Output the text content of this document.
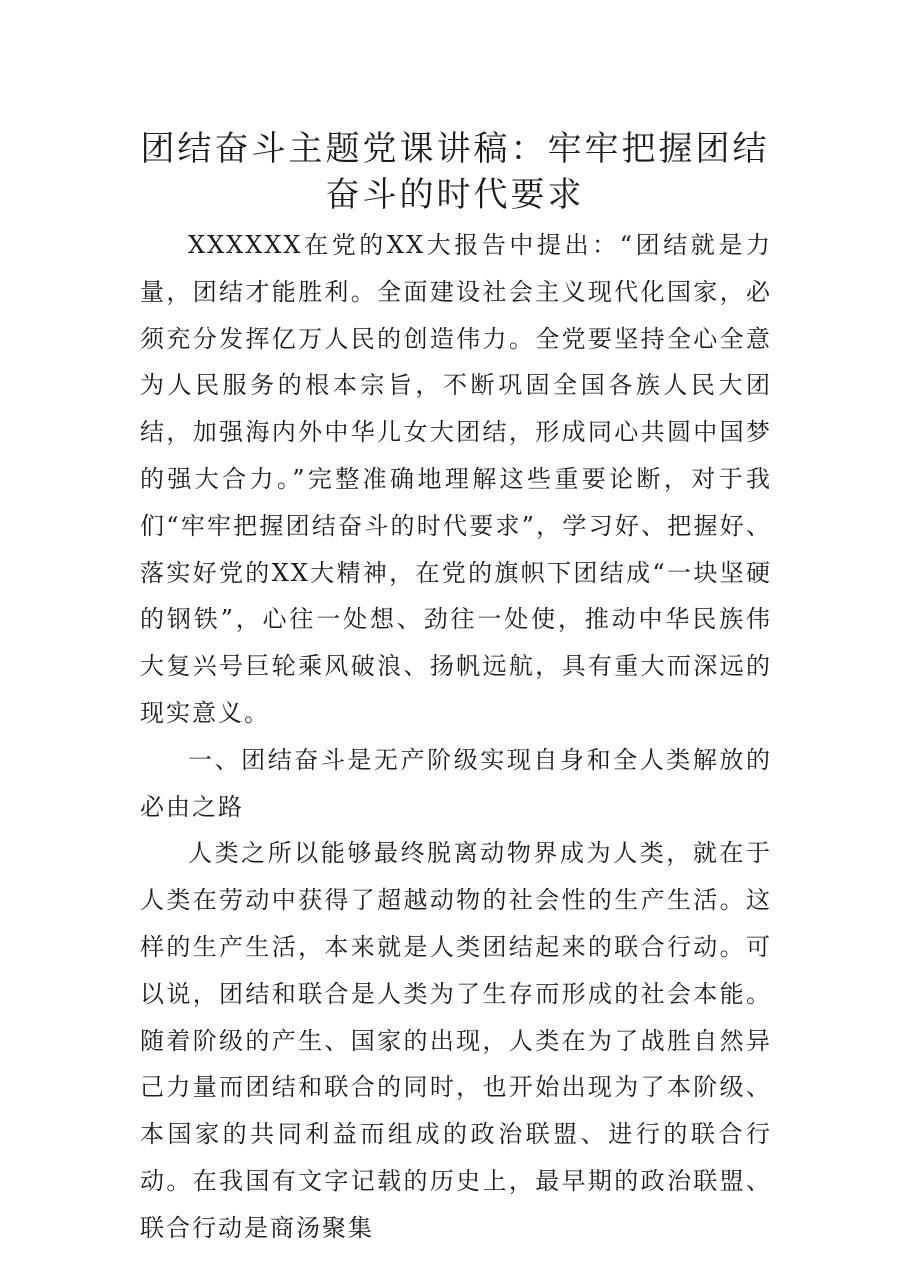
团结奋斗主题党课讲稿：牢牢把握团结奋斗的时代要求

XXXXXX在党的XX大报告中提出：“团结就是力量，团结才能胜利。全面建设社会主义现代化国家，必须充分发挥亿万人民的创造伟力。全党要坚持全心全意为人民服务的根本宗旨，不断巩固全国各族人民大团结，加强海内外中华儿女大团结，形成同心共圆中国梦的强大合力。”完整准确地理解这些重要论断，对于我们“牢牢把握团结奋斗的时代要求”，学习好、把握好、落实好党的XX大精神，在党的旗帜下团结成“一块坚硬的钢铁”，心往一处想、劲往一处使，推动中华民族伟大复兴号巨轮乘风破浪、扬帆远航，具有重大而深远的现实意义。

一、团结奋斗是无产阶级实现自身和全人类解放的必由之路

人类之所以能够最终脱离动物界成为人类，就在于人类在劳动中获得了超越动物的社会性的生产生活。这样的生产生活，本来就是人类团结起来的联合行动。可以说，团结和联合是人类为了生存而形成的社会本能。随着阶级的产生、国家的出现，人类在为了战胜自然异己力量而团结和联合的同时，也开始出现为了本阶级、本国家的共同利益而组成的政治联盟、进行的联合行动。在我国有文字记载的历史上，最早期的政治联盟、联合行动是商汤聚集
